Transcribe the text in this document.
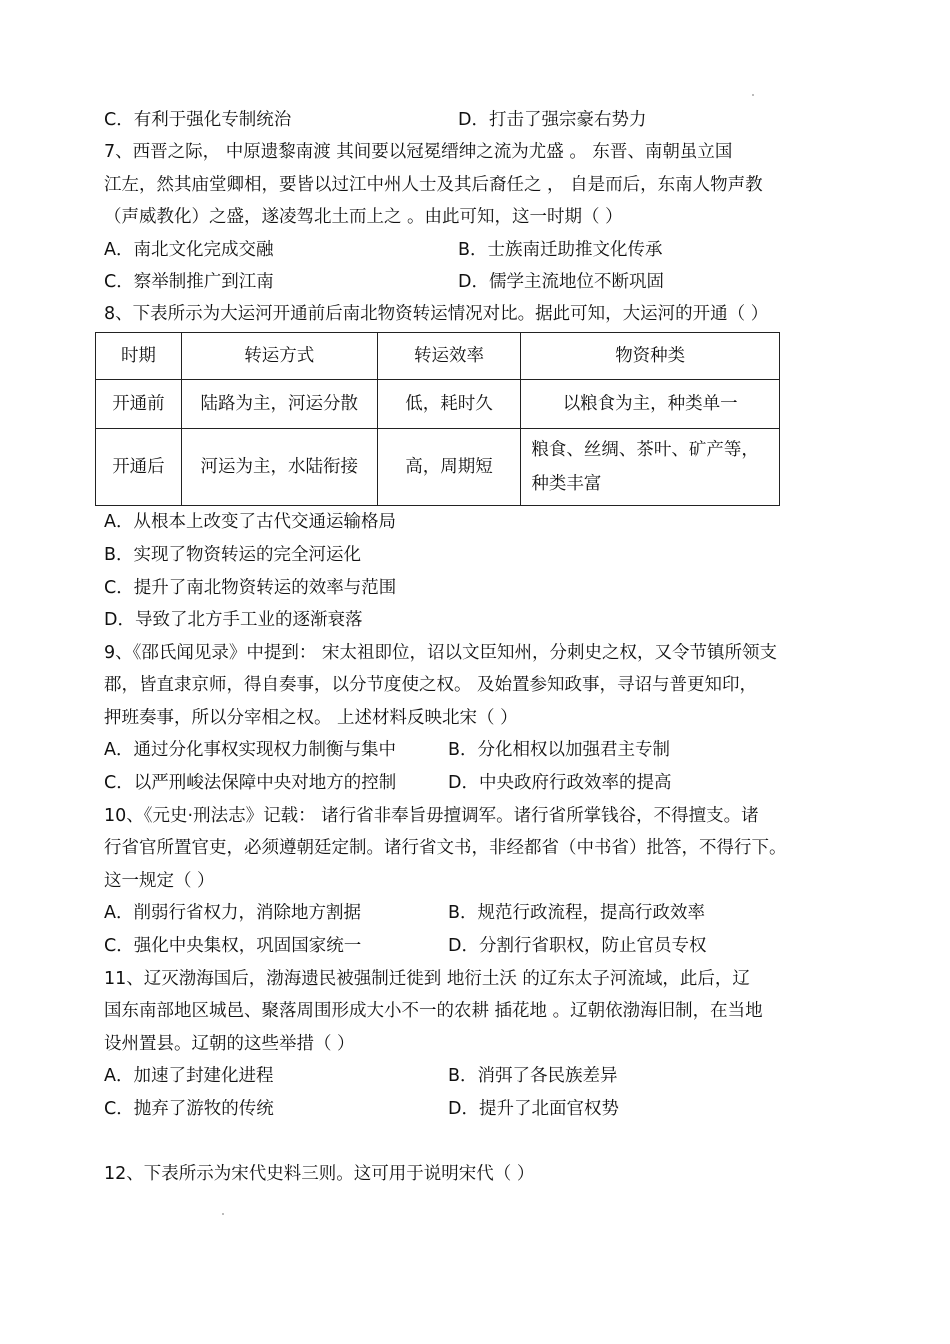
C．有利于强化专制统治	D．打击了强宗豪右势力
7、西晋之际， 中原遗黎南渡 其间要以冠冕缙绅之流为尤盛 。 东晋、南朝虽立国
江左，然其庙堂卿相，要皆以过江中州人士及其后裔任之 ， 自是而后，东南人物声教
（声威教化）之盛，遂凌驾北土而上之 。由此可知，这一时期（ ）
A．南北文化完成交融	B．士族南迁助推文化传承
C．察举制推广到江南	D．儒学主流地位不断巩固
8、下表所示为大运河开通前后南北物资转运情况对比。据此可知，大运河的开通（ ）
时期	转运方式	转运效率	物资种类
开通前	陆路为主，河运分散	低，耗时久	以粮食为主，种类单一
开通后	河运为主，水陆衔接	高，周期短	粮食、丝绸、茶叶、矿产等，
种类丰富
A．从根本上改变了古代交通运输格局
B．实现了物资转运的完全河运化
C．提升了南北物资转运的效率与范围
D．导致了北方手工业的逐渐衰落
9、《邵氏闻见录》中提到： 宋太祖即位，诏以文臣知州，分刺史之权，又令节镇所领支
郡，皆直隶京师，得自奏事，以分节度使之权。 及始置参知政事，寻诏与普更知印，
押班奏事，所以分宰相之权。 上述材料反映北宋（ ）
A．通过分化事权实现权力制衡与集中	B．分化相权以加强君主专制
C．以严刑峻法保障中央对地方的控制	D．中央政府行政效率的提高
10、《元史·刑法志》记载： 诸行省非奉旨毋擅调军。诸行省所掌钱谷，不得擅支。诸
行省官所置官吏，必须遵朝廷定制。诸行省文书，非经都省（中书省）批答，不得行下。
这一规定（ ）
A．削弱行省权力，消除地方割据	B．规范行政流程，提高行政效率
C．强化中央集权，巩固国家统一	D．分割行省职权，防止官员专权
11、辽灭渤海国后，渤海遗民被强制迁徙到 地衍土沃 的辽东太子河流域，此后，辽
国东南部地区城邑、聚落周围形成大小不一的农耕 插花地 。辽朝依渤海旧制，在当地
设州置县。辽朝的这些举措（ ）
A．加速了封建化进程	B．消弭了各民族差异
C．抛弃了游牧的传统	D．提升了北面官权势
12、下表所示为宋代史料三则。这可用于说明宋代（ ）
